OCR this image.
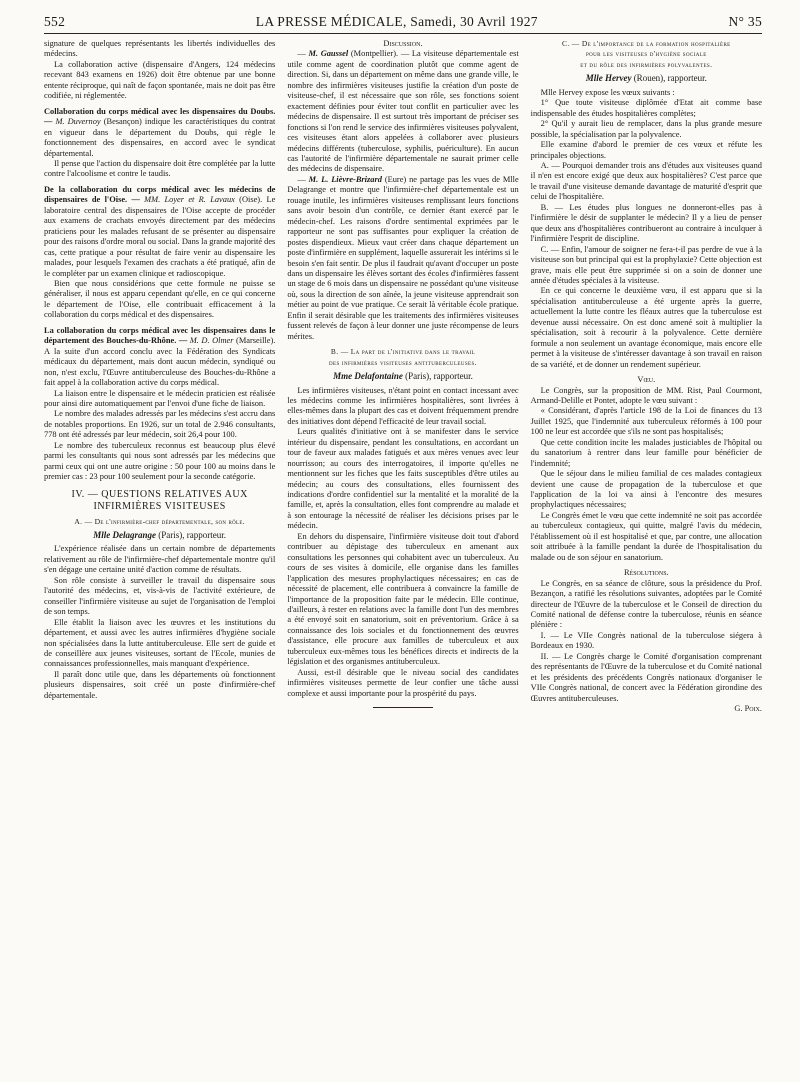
552	LA PRESSE MÉDICALE, Samedi, 30 Avril 1927	N° 35

signature de quelques représentants les libertés individuelles des médecins.

La collaboration active (dispensaire d'Angers, 124 médecins recevant 843 examens en 1926) doit être obtenue par une bonne entente réciproque, qui naît de façon spontanée, mais ne doit pas être codifiée, ni réglementée.

Collaboration du corps médical avec les dispensaires du Doubs. — M. Duvernoy (Besançon) indique les caractéristiques du contrat en vigueur dans le département du Doubs, qui règle le fonctionnement des dispensaires, en accord avec le syndicat départemental.

Il pense que l'action du dispensaire doit être complétée par la lutte contre l'alcoolisme et contre le taudis.

De la collaboration du corps médical avec les médecins de dispensaires de l'Oise. — MM. Loyer et R. Lavaux (Oise). Le laboratoire central des dispensaires de l'Oise accepte de procéder aux examens de crachats envoyés directement par des médecins praticiens pour les malades refusant de se présenter au dispensaire pour des raisons d'ordre moral ou social. Dans la grande majorité des cas, cette pratique a pour résultat de faire venir au dispensaire les malades, pour lesquels l'examen des crachats a été pratiqué, afin de le compléter par un examen clinique et radioscopique.

Bien que nous considérions que cette formule ne puisse se généraliser, il nous est apparu cependant qu'elle, en ce qui concerne le département de l'Oise, elle contribuait efficacement à la collaboration du corps médical et des dispensaires.

La collaboration du corps médical avec les dispensaires dans le département des Bouches-du-Rhône. — M. D. Olmer (Marseille). A la suite d'un accord conclu avec la Fédération des Syndicats médicaux du département, mais dont aucun médecin, syndiqué ou non, n'est exclu, l'Œuvre antituberculeuse des Bouches-du-Rhône a fait appel à la collaboration active du corps médical.

La liaison entre le dispensaire et le médecin praticien est réalisée pour ainsi dire automatiquement par l'envoi d'une fiche de liaison.

Le nombre des malades adressés par les médecins s'est accru dans de notables proportions. En 1926, sur un total de 2.946 consultants, 778 ont été adressés par leur médecin, soit 26,4 pour 100.

Le nombre des tuberculeux reconnus est beaucoup plus élevé parmi les consultants qui nous sont adressés par les médecins que parmi ceux qui ont une autre origine : 50 pour 100 au moins dans le premier cas : 23 pour 100 seulement pour la seconde catégorie.

IV. — QUESTIONS RELATIVES AUX INFIRMIÈRES VISITEUSES

A. — De l'infirmière-chef départementale, son rôle.

Mlle Delagrange (Paris), rapporteur.

L'expérience réalisée dans un certain nombre de départements relativement au rôle de l'infirmière-chef départementale montre qu'il s'en dégage une certaine unité d'action comme de résultats.

Son rôle consiste à surveiller le travail du dispensaire sous l'autorité des médecins, et, vis-à-vis de l'activité extérieure, de conseiller l'infirmière visiteuse au sujet de l'organisation de l'emploi de son temps.

Elle établit la liaison avec les œuvres et les institutions du département, et aussi avec les autres infirmières d'hygiène sociale non spécialisées dans la lutte antituberculeuse. Elle sert de guide et de conseillère aux jeunes visiteuses, sortant de l'Ecole, munies de connaissances professionnelles, mais manquant d'expérience.

Il paraît donc utile que, dans les départements où fonctionnent plusieurs dispensaires, soit créé un poste d'infirmière-chef départementale.

Discussion.

— M. Gaussel (Montpellier). — La visiteuse départementale est utile comme agent de coordination plutôt que comme agent de direction. Si, dans un département on même dans une grande ville, le nombre des infirmières visiteuses justifie la création d'un poste de visiteuse-chef, il est nécessaire que son rôle, ses fonctions soient exactement définies pour éviter tout conflit en particulier avec les médecins de dispensaire. Il est surtout très important de préciser ses fonctions si l'on rend le service des infirmières visiteuses polyvalent, ces visiteuses étant alors appelées à collaborer avec plusieurs médecins différents (tuberculose, syphilis, puériculture). En aucun cas l'autorité de l'infirmière départementale ne saurait primer celle des médecins de dispensaire.

— M. L. Lièvre-Brizard (Eure) ne partage pas les vues de Mlle Delagrange et montre que l'infirmière-chef départementale est un rouage inutile, les infirmières visiteuses remplissant leurs fonctions sans avoir besoin d'un contrôle, ce dernier étant exercé par le médecin-chef. Les raisons d'ordre sentimental exprimées par le rapporteur ne sont pas suffisantes pour expliquer la création de postes dispendieux. Mieux vaut créer dans chaque département un poste d'infirmière en supplément, laquelle assurerait les intérims si le besoin s'en fait sentir. De plus il faudrait qu'avant d'occuper un poste dans un dispensaire les élèves sortant des écoles d'infirmières fassent un stage de 6 mois dans un dispensaire ne possédant qu'une visiteuse où, sous la direction de son aînée, la jeune visiteuse apprendrait son métier au point de vue pratique. Ce serait là véritable école pratique. Enfin il serait désirable que les traitements des infirmières visiteuses fussent relevés de façon à leur donner une juste récompense de leurs mérites.

B. — La part de l'initiative dans le travail

des infirmières visiteuses antituberculeuses.

Mme Delafontaine (Paris), rapporteur.

Les infirmières visiteuses, n'étant point en contact incessant avec les médecins comme les infirmières hospitalières, sont livrées à elles-mêmes dans la plupart des cas et doivent fréquemment prendre des initiatives dont dépend l'efficacité de leur travail social.

Leurs qualités d'initiative ont à se manifester dans le service intérieur du dispensaire, pendant les consultations, en accordant un tour de faveur aux malades fatigués et aux mères venues avec leur nourrisson; au cours des interrogatoires, il importe qu'elles ne mentionnent sur les fiches que les faits susceptibles d'être utiles au médecin; au cours des consultations, elles fournissent des indications d'ordre confidentiel sur la mentalité et la moralité de la famille, et, après la consultation, elles font comprendre au malade et à son entourage la nécessité de réaliser les décisions prises par le médecin.

En dehors du dispensaire, l'infirmière visiteuse doit tout d'abord contribuer au dépistage des tuberculeux en amenant aux consultations les personnes qui cohabitent avec un tuberculeux. Au cours de ses visites à domicile, elle organise dans les familles l'application des mesures prophylactiques nécessaires; en cas de nécessité de placement, elle contribuera à convaincre la famille de l'importance de la proposition faite par le médecin. Elle continue, d'ailleurs, à rester en relations avec la famille dont l'un des membres a été envoyé soit en sanatorium, soit en préventorium. Grâce à sa connaissance des lois sociales et du fonctionnement des œuvres d'assistance, elle procure aux familles de tuberculeux et aux tuberculeux eux-mêmes tous les bénéfices directs et indirects de la législation et des organismes antituberculeux.

Aussi, est-il désirable que le niveau social des candidates infirmières visiteuses permette de leur confier une tâche aussi complexe et aussi importante pour la prospérité du pays.

C. — De l'importance de la formation hospitalière

pour les visiteuses d'hygiène sociale

et du rôle des infirmières polyvalentes.

Mlle Hervey (Rouen), rapporteur.

Mlle Hervey expose les vœux suivants :

1° Que toute visiteuse diplômée d'Etat ait comme base indispensable des études hospitalières complètes;

2° Qu'il y aurait lieu de remplacer, dans la plus grande mesure possible, la spécialisation par la polyvalence.

Elle examine d'abord le premier de ces vœux et réfute les principales objections.

A. — Pourquoi demander trois ans d'études aux visiteuses quand il n'en est encore exigé que deux aux hospitalières? C'est parce que le travail d'une visiteuse demande davantage de maturité d'esprit que celui de l'hospitalière.

B. — Les études plus longues ne donneront-elles pas à l'infirmière le désir de supplanter le médecin? Il y a lieu de penser que deux ans d'hospitalières contribueront au contraire à inculquer à l'infirmière l'esprit de discipline.

C. — Enfin, l'amour de soigner ne fera-t-il pas perdre de vue à la visiteuse son but principal qui est la prophylaxie? Cette objection est grave, mais elle peut être supprimée si on a soin de donner une année d'études spéciales à la visiteuse.

En ce qui concerne le deuxième vœu, il est apparu que si la spécialisation antituberculeuse a été urgente après la guerre, actuellement la lutte contre les fléaux autres que la tuberculose est devenue aussi nécessaire. On est donc amené soit à multiplier la spécialisation, soit à recourir à la polyvalence. Cette dernière formule a non seulement un avantage économique, mais encore elle permet à la visiteuse de s'intéresser davantage à son travail en raison de sa variété, et de donner un rendement supérieur.

Vœu.

Le Congrès, sur la proposition de MM. Rist, Paul Courmont, Armand-Delille et Pontet, adopte le vœu suivant :

« Considérant, d'après l'article 198 de la Loi de finances du 13 Juillet 1925, que l'indemnité aux tuberculeux réformés à 100 pour 100 ne leur est accordée que s'ils ne sont pas hospitalisés;

Que cette condition incite les malades justiciables de l'hôpital ou du sanatorium à rentrer dans leur famille pour bénéficier de l'indemnité;

Que le séjour dans le milieu familial de ces malades contagieux devient une cause de propagation de la tuberculose et que l'application de la loi va ainsi à l'encontre des mesures prophylactiques nécessaires;

Le Congrès émet le vœu que cette indemnité ne soit pas accordée au tuberculeux contagieux, qui quitte, malgré l'avis du médecin, l'établissement où il est hospitalisé et que, par contre, une allocation soit attribuée à la famille pendant la durée de l'hospitalisation du malade ou de son séjour en sanatorium.

Résolutions.

Le Congrès, en sa séance de clôture, sous la présidence du Prof. Bezançon, a ratifié les résolutions suivantes, adoptées par le Comité directeur de l'Œuvre de la tuberculose et le Conseil de direction du Comité national de défense contre la tuberculose, réunis en séance plénière :

I. — Le VIIe Congrès national de la tuberculose siégera à Bordeaux en 1930.

II. — Le Congrès charge le Comité d'organisation comprenant des représentants de l'Œuvre de la tuberculose et du Comité national et les présidents des précédents Congrès nationaux d'organiser le VIIe Congrès national, de concert avec la Fédération girondine des Œuvres antituberculeuses.

G. Poix.
